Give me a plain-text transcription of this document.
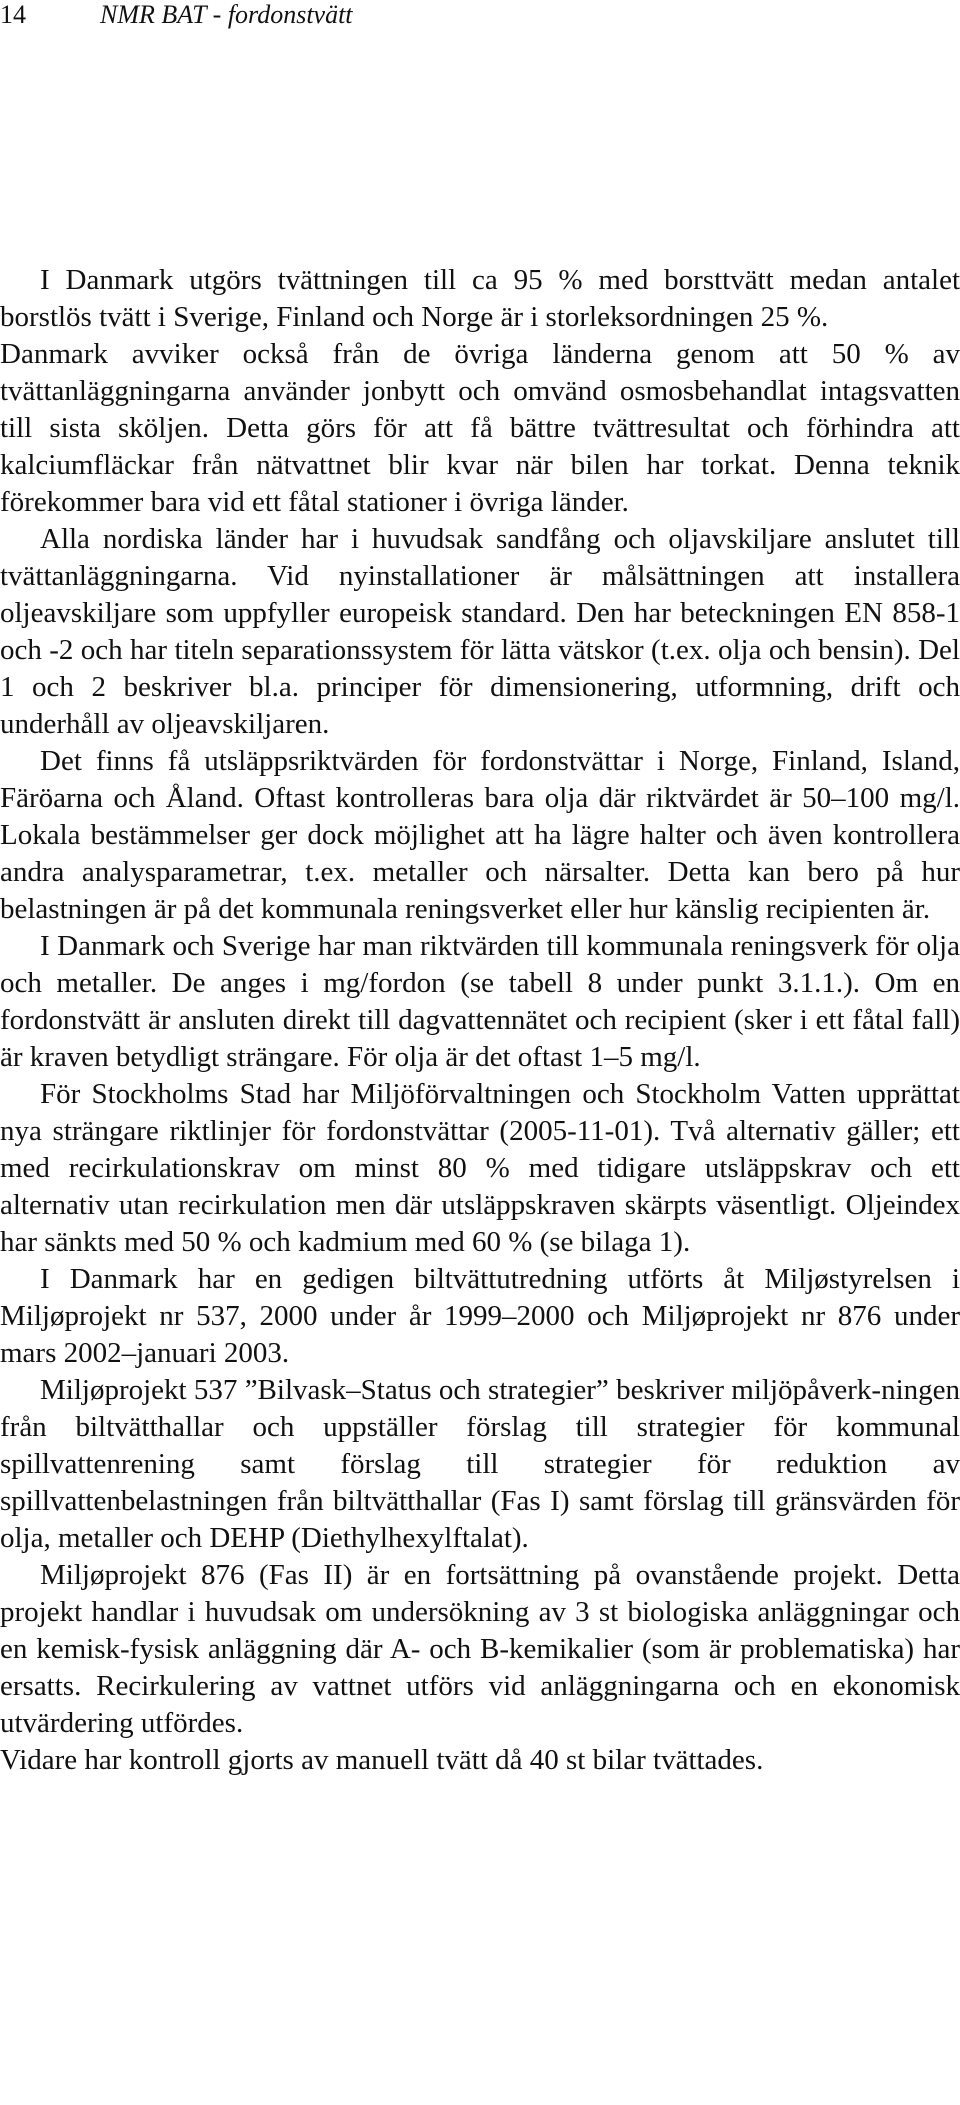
14	NMR BAT - fordonstvätt

I Danmark utgörs tvättningen till ca 95 % med borsttvätt medan antalet borstlös tvätt i Sverige, Finland och Norge är i storleksordningen 25 %.

Danmark avviker också från de övriga länderna genom att 50 % av tvättanläggningarna använder jonbytt och omvänd osmosbehandlat intagsvatten till sista sköljen. Detta görs för att få bättre tvättresultat och förhindra att kalciumfläckar från nätvattnet blir kvar när bilen har torkat. Denna teknik förekommer bara vid ett fåtal stationer i övriga länder.

Alla nordiska länder har i huvudsak sandfång och oljavskiljare anslutet till tvättanläggningarna. Vid nyinstallationer är målsättningen att installera oljeavskiljare som uppfyller europeisk standard. Den har beteckningen EN 858-1 och -2 och har titeln separationssystem för lätta vätskor (t.ex. olja och bensin). Del 1 och 2 beskriver bl.a. principer för dimensionering, utformning, drift och underhåll av oljeavskiljaren.

Det finns få utsläppsriktvärden för fordonstvättar i Norge, Finland, Island, Färöarna och Åland. Oftast kontrolleras bara olja där riktvärdet är 50–100 mg/l. Lokala bestämmelser ger dock möjlighet att ha lägre halter och även kontrollera andra analysparametrar, t.ex. metaller och närsalter. Detta kan bero på hur belastningen är på det kommunala reningsverket eller hur känslig recipienten är.

I Danmark och Sverige har man riktvärden till kommunala reningsverk för olja och metaller. De anges i mg/fordon (se tabell 8 under punkt 3.1.1.). Om en fordonstvätt är ansluten direkt till dagvattennätet och recipient (sker i ett fåtal fall) är kraven betydligt strängare. För olja är det oftast 1–5 mg/l.

För Stockholms Stad har Miljöförvaltningen och Stockholm Vatten upprättat nya strängare riktlinjer för fordonstvättar (2005-11-01). Två alternativ gäller; ett med recirkulationskrav om minst 80 % med tidigare utsläppskrav och ett alternativ utan recirkulation men där utsläppskraven skärpts väsentligt. Oljeindex har sänkts med 50 % och kadmium med 60 % (se bilaga 1).

I Danmark har en gedigen biltvättutredning utförts åt Miljøstyrelsen i Miljøprojekt nr 537, 2000 under år 1999–2000 och Miljøprojekt nr 876 under mars 2002–januari 2003.

Miljøprojekt 537 ”Bilvask–Status och strategier” beskriver miljöpåverk-ningen från biltvätthallar och uppställer förslag till strategier för kommunal spillvattenrening samt förslag till strategier för reduktion av spillvattenbelastningen från biltvätthallar (Fas I) samt förslag till gränsvärden för olja, metaller och DEHP (Diethylhexylftalat).

Miljøprojekt 876 (Fas II) är en fortsättning på ovanstående projekt. Detta projekt handlar i huvudsak om undersökning av 3 st biologiska anläggningar och en kemisk-fysisk anläggning där A- och B-kemikalier (som är problematiska) har ersatts. Recirkulering av vattnet utförs vid anläggningarna och en ekonomisk utvärdering utfördes.

Vidare har kontroll gjorts av manuell tvätt då 40 st bilar tvättades.
